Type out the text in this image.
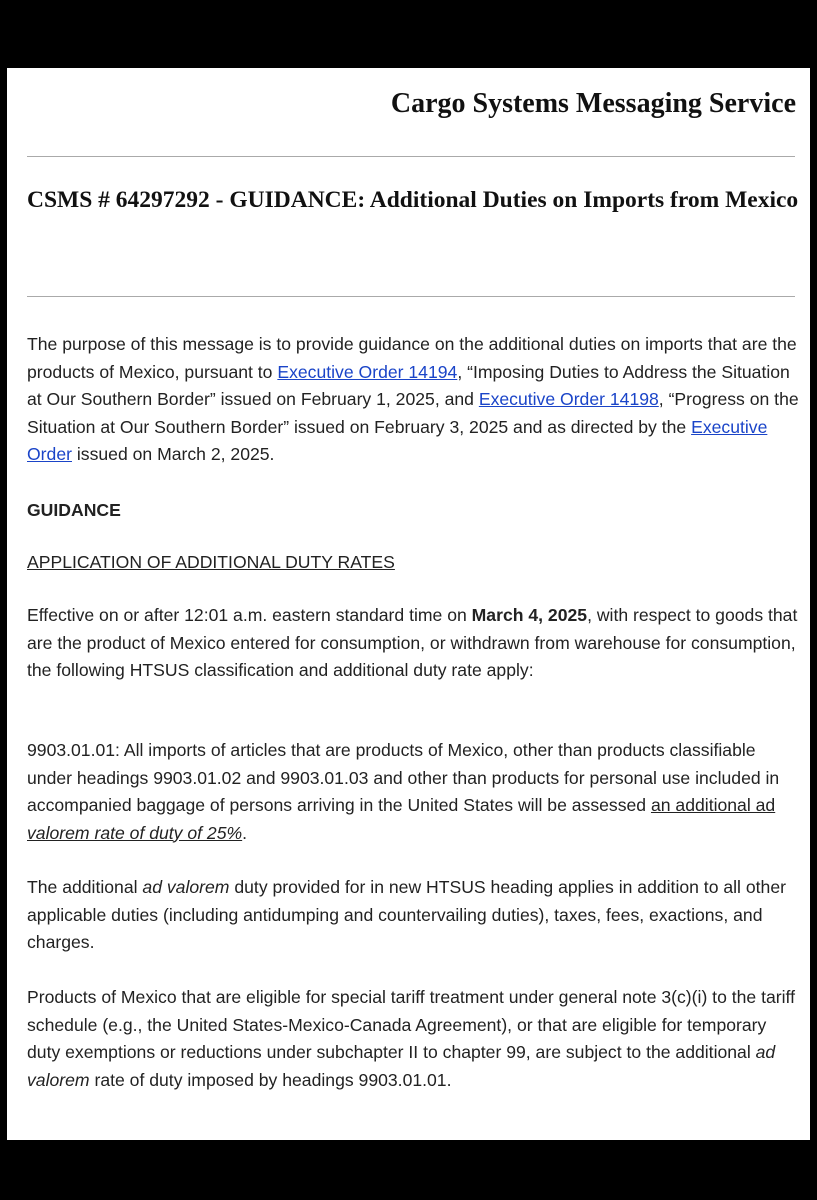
Cargo Systems Messaging Service
CSMS # 64297292 - GUIDANCE: Additional Duties on Imports from Mexico

The purpose of this message is to provide guidance on the additional duties on imports that are the products of Mexico, pursuant to Executive Order 14194, “Imposing Duties to Address the Situation at Our Southern Border” issued on February 1, 2025, and Executive Order 14198, “Progress on the Situation at Our Southern Border” issued on February 3, 2025 and as directed by the Executive Order issued on March 2, 2025.

GUIDANCE

APPLICATION OF ADDITIONAL DUTY RATES

Effective on or after 12:01 a.m. eastern standard time on March 4, 2025, with respect to goods that are the product of Mexico entered for consumption, or withdrawn from warehouse for consumption, the following HTSUS classification and additional duty rate apply:

9903.01.01: All imports of articles that are products of Mexico, other than products classifiable under headings 9903.01.02 and 9903.01.03 and other than products for personal use included in accompanied baggage of persons arriving in the United States will be assessed an additional ad valorem rate of duty of 25%.

The additional ad valorem duty provided for in new HTSUS heading applies in addition to all other applicable duties (including antidumping and countervailing duties), taxes, fees, exactions, and charges.

Products of Mexico that are eligible for special tariff treatment under general note 3(c)(i) to the tariff schedule (e.g., the United States-Mexico-Canada Agreement), or that are eligible for temporary duty exemptions or reductions under subchapter II to chapter 99, are subject to the additional ad valorem rate of duty imposed by headings 9903.01.01.
